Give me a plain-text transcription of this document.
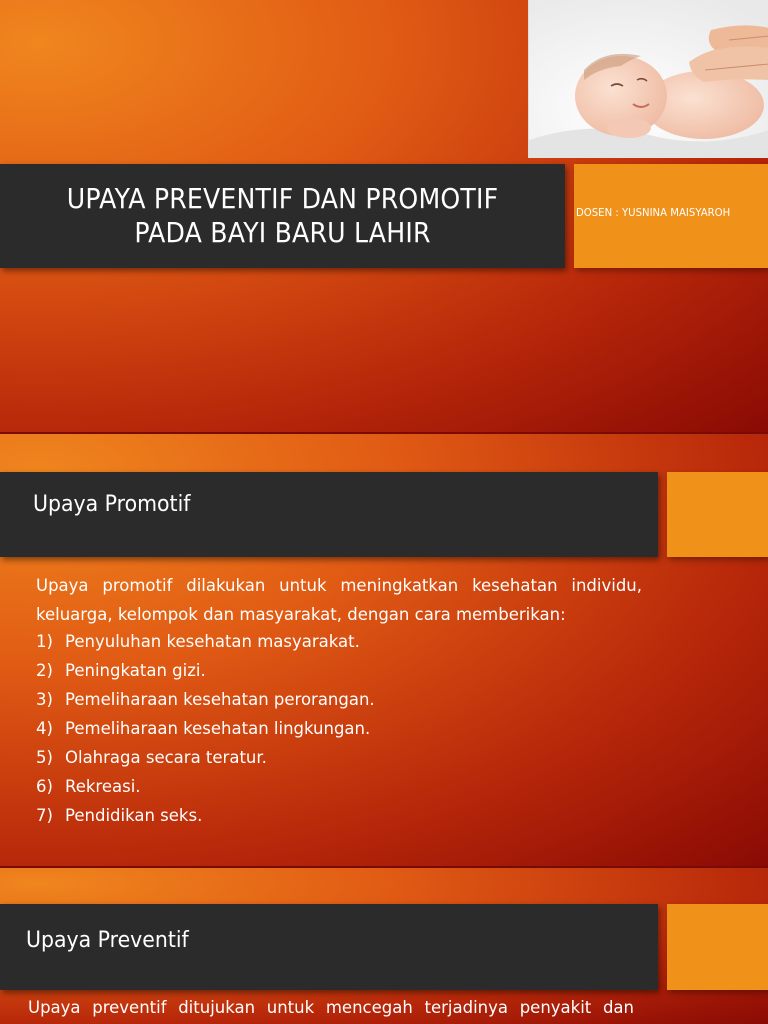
UPAYA PREVENTIF DAN PROMOTIF
PADA BAYI BARU LAHIR
DOSEN : YUSNINA MAISYAROH
Upaya Promotif

Upaya promotif dilakukan untuk meningkatkan kesehatan individu, keluarga, kelompok dan masyarakat, dengan cara memberikan:

1) Penyuluhan kesehatan masyarakat.
2) Peningkatan gizi.
3) Pemeliharaan kesehatan perorangan.
4) Pemeliharaan kesehatan lingkungan.
5) Olahraga secara teratur.
6) Rekreasi.
7) Pendidikan seks.
Upaya Preventif

Upaya preventif ditujukan untuk mencegah terjadinya penyakit dan
